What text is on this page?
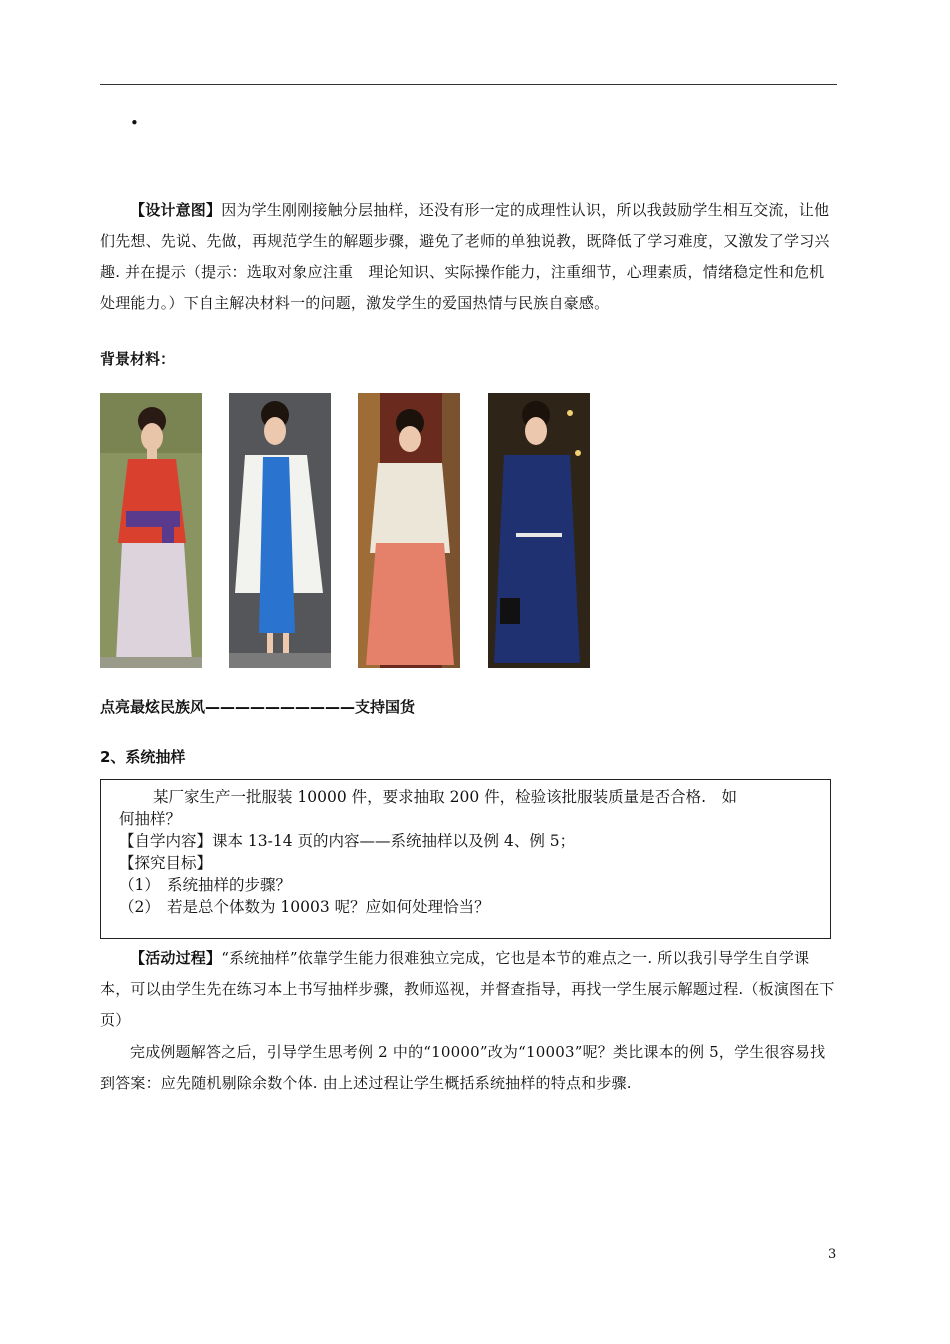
•
【设计意图】因为学生刚刚接触分层抽样，还没有形一定的成理性认识，所以我鼓励学生相互交流，让他们先想、先说、先做，再规范学生的解题步骤，避免了老师的单独说教，既降低了学习难度，又激发了学习兴趣. 并在提示（提示：选取对象应注重　理论知识、实际操作能力，注重细节，心理素质，情绪稳定性和危机处理能力。）下自主解决材料一的问题，激发学生的爱国热情与民族自豪感。
背景材料：
点亮最炫民族风——————————支持国货
2、系统抽样

某厂家生产一批服装 10000 件，要求抽取 200 件，检验该批服装质量是否合格.　如

何抽样？

【自学内容】课本 13-14 页的内容——系统抽样以及例 4、例 5；

【探究目标】

（1） 系统抽样的步骤？

（2） 若是总个体数为 10003 呢？应如何处理恰当？

【活动过程】“系统抽样”依靠学生能力很难独立完成，它也是本节的难点之一. 所以我引导学生自学课本，可以由学生先在练习本上书写抽样步骤，教师巡视，并督查指导，再找一学生展示解题过程.（板演图在下页）
完成例题解答之后，引导学生思考例 2 中的“10000”改为“10003”呢？类比课本的例 5，学生很容易找到答案：应先随机剔除余数个体. 由上述过程让学生概括系统抽样的特点和步骤.
3
